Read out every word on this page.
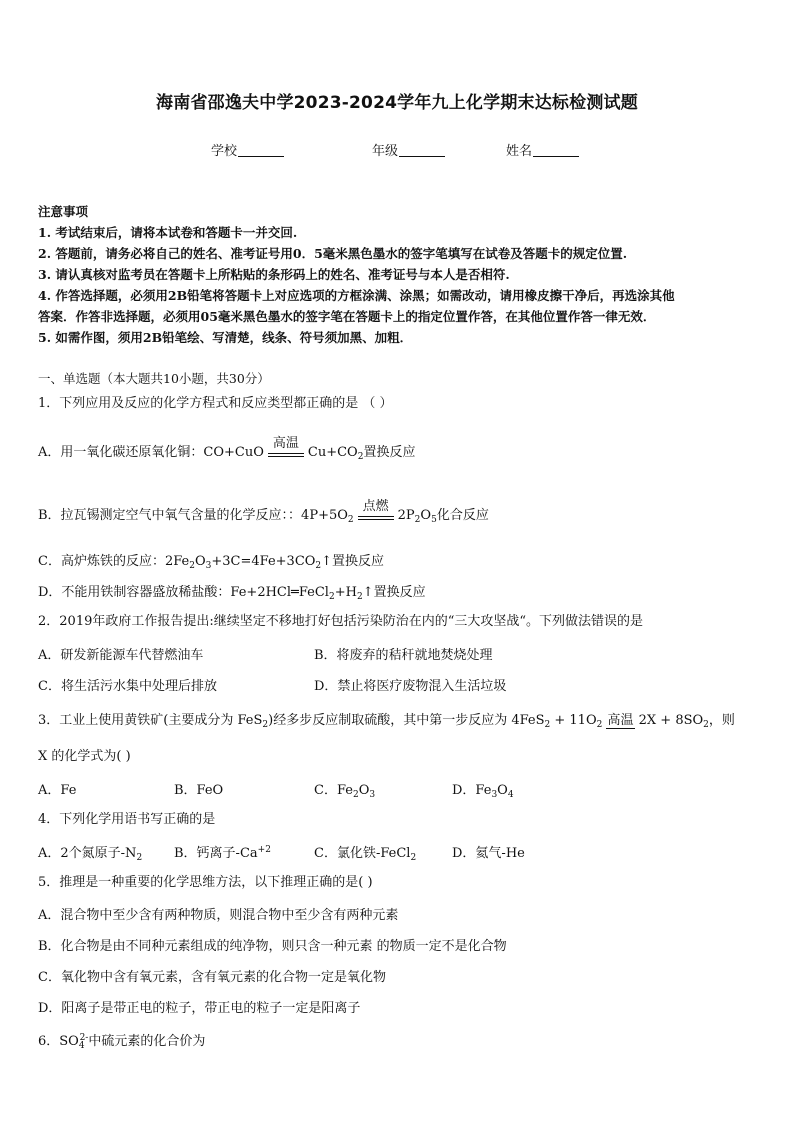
海南省邵逸夫中学2023-2024学年九上化学期末达标检测试题
学校	年级	姓名
注意事项
1. 考试结束后，请将本试卷和答题卡一并交回.
2. 答题前，请务必将自己的姓名、准考证号用0．5毫米黑色墨水的签字笔填写在试卷及答题卡的规定位置.
3. 请认真核对监考员在答题卡上所粘贴的条形码上的姓名、准考证号与本人是否相符.
4. 作答选择题，必须用2B铅笔将答题卡上对应选项的方框涂满、涂黑；如需改动，请用橡皮擦干净后，再选涂其他
答案．作答非选择题，必须用05毫米黑色墨水的签字笔在答题卡上的指定位置作答，在其他位置作答一律无效．
5. 如需作图，须用2B铅笔绘、写清楚，线条、符号须加黑、加粗．
一、单选题（本大题共10小题，共30分）
1．下列应用及反应的化学方程式和反应类型都正确的是 （ ）
A．用一氧化碳还原氧化铜：CO+CuO
高温
$Cu+CO_2$置换反应
B．拉瓦锡测定空气中氧气含量的化学反应：：$4P+5O_2$
点燃
$2P_2O_5$化合反应
C．高炉炼铁的反应：$2Fe_2O_3+3C=4Fe+3CO_2↑$置换反应
D．不能用铁制容器盛放稀盐酸：$Fe+2HCl═FeCl_2+H_2↑$置换反应
2．2019年政府工作报告提出:继续坚定不移地打好包括污染防治在内的“三大攻坚战“。下列做法错误的是
A．研发新能源车代替燃油车	B．将废弃的秸秆就地焚烧处理
C．将生活污水集中处理后排放	D．禁止将医疗废物混入生活垃圾
3．工业上使用黄铁矿(主要成分为 FeS$_2$)经多步反应制取硫酸，其中第一步反应为 $4FeS_2 + 11O_2$ 高温 $2X + 8SO_2$，则
X 的化学式为( )
A．Fe	B．FeO	C．$Fe_2O_3$	D．$Fe_3O_4$
4．下列化学用语书写正确的是
A．2个氮原子$-N_2$ B．钙离子$-Ca^{+2}$	C．氯化铁-FeCl$_2$	D．氦气-He
5．推理是一种重要的化学思维方法，以下推理正确的是( )
A．混合物中至少含有两种物质，则混合物中至少含有两种元素
B．化合物是由不同种元素组成的纯净物，则只含一种元素 的物质一定不是化合物
C．氧化物中含有氧元素，含有氧元素的化合物一定是氧化物
D．阳离子是带正电的粒子，带正电的粒子一定是阳离子
6．$SO_4^{2-}$中硫元素的化合价为
